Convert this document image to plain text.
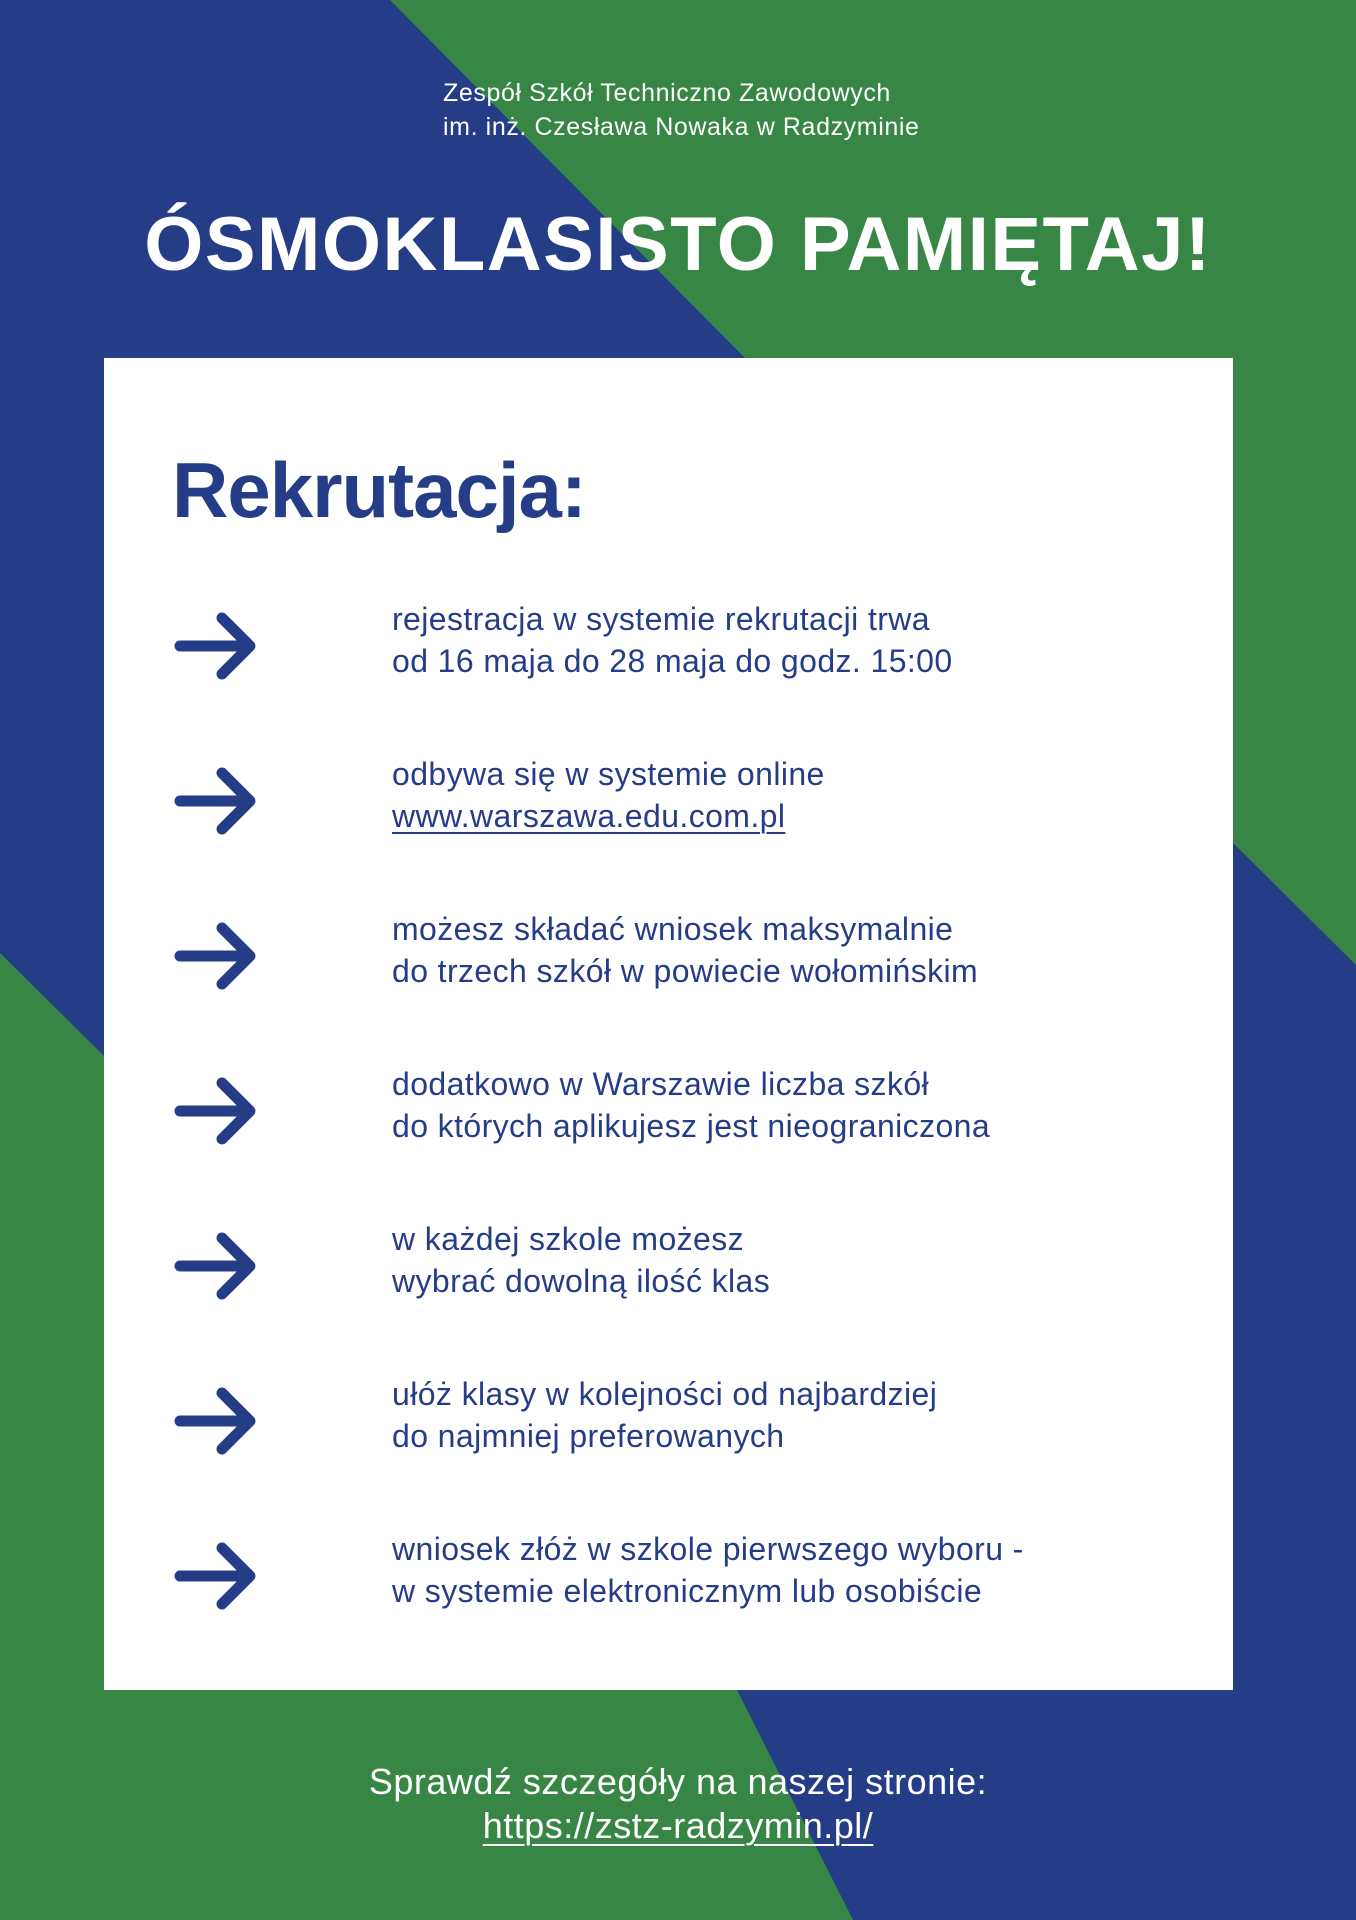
Zespół Szkół Techniczno Zawodowych
im. inż. Czesława Nowaka w Radzyminie
ÓSMOKLASISTO PAMIĘTAJ!
Rekrutacja:
rejestracja w systemie rekrutacji trwa
od 16 maja do 28 maja do godz. 15:00
odbywa się w systemie online
www.warszawa.edu.com.pl
możesz składać wniosek maksymalnie
do trzech szkół w powiecie wołomińskim
dodatkowo w Warszawie liczba szkół
do których aplikujesz jest nieograniczona
w każdej szkole możesz
wybrać dowolną ilość klas
ułóż klasy w kolejności od najbardziej
do najmniej preferowanych
wniosek złóż w szkole pierwszego wyboru -
w systemie elektronicznym lub osobiście
Sprawdź szczegóły na naszej stronie:
https://zstz-radzymin.pl/
